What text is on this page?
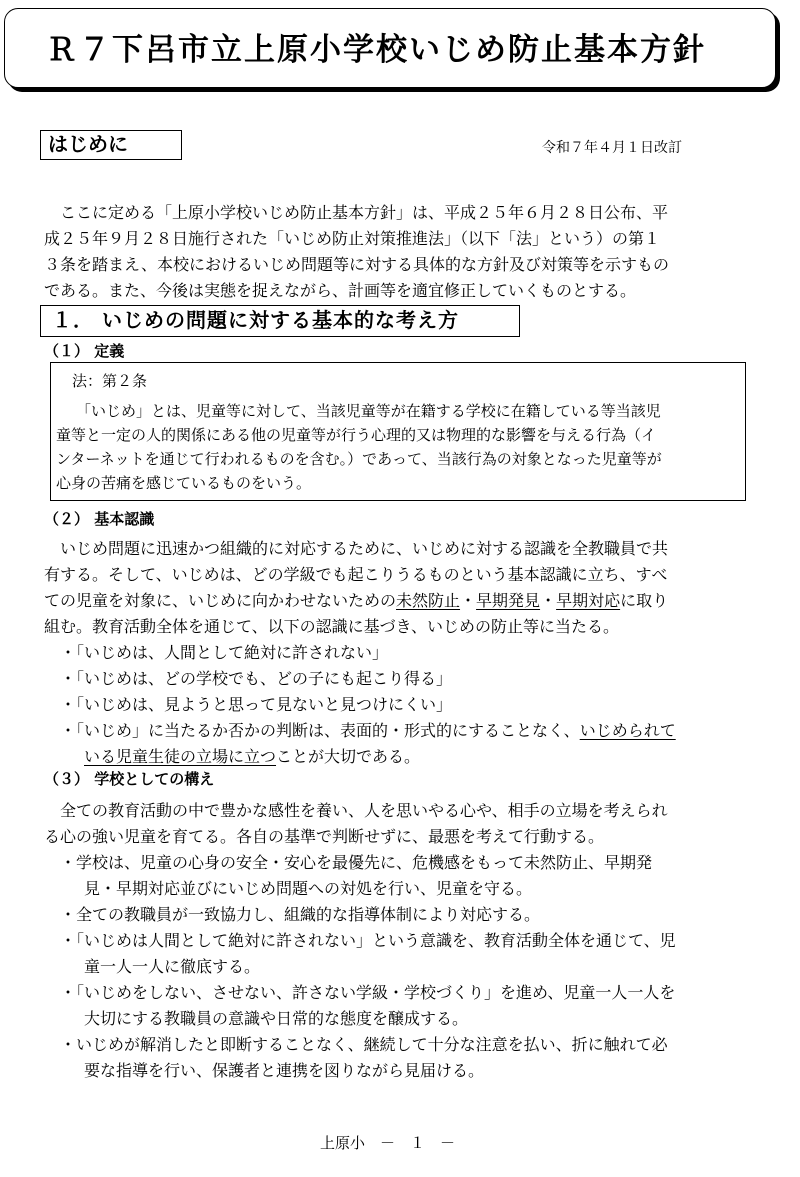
Ｒ７下呂市立上原小学校いじめ防止基本方針
はじめに	令和７年４月１日改訂
　ここに定める「上原小学校いじめ防止基本方針」は、平成２５年６月２８日公布、平
成２５年９月２８日施行された「いじめ防止対策推進法」（以下「法」という）の第１
３条を踏まえ、本校におけるいじめ問題等に対する具体的な方針及び対策等を示すもの
である。また、今後は実態を捉えながら、計画等を適宜修正していくものとする。
１． いじめの問題に対する基本的な考え方
（１） 定義
法：第２条
「いじめ」とは、児童等に対して、当該児童等が在籍する学校に在籍している等当該児
童等と一定の人的関係にある他の児童等が行う心理的又は物理的な影響を与える行為（イ
ンターネットを通じて行われるものを含む。）であって、当該行為の対象となった児童等が
心身の苦痛を感じているものをいう。
（２） 基本認識
　いじめ問題に迅速かつ組織的に対応するために、いじめに対する認識を全教職員で共
有する。そして、いじめは、どの学級でも起こりうるものという基本認識に立ち、すべ
ての児童を対象に、いじめに向かわせないための未然防止・早期発見・早期対応に取り
組む。教育活動全体を通じて、以下の認識に基づき、いじめの防止等に当たる。
・「いじめは、人間として絶対に許されない」
・「いじめは、どの学校でも、どの子にも起こり得る」
・「いじめは、見ようと思って見ないと見つけにくい」
・「いじめ」に当たるか否かの判断は、表面的・形式的にすることなく、いじめられて
いる児童生徒の立場に立つことが大切である。
（３） 学校としての構え
　全ての教育活動の中で豊かな感性を養い、人を思いやる心や、相手の立場を考えられ
る心の強い児童を育てる。各自の基準で判断せずに、最悪を考えて行動する。
・学校は、児童の心身の安全・安心を最優先に、危機感をもって未然防止、早期発
見・早期対応並びにいじめ問題への対処を行い、児童を守る。
・全ての教職員が一致協力し、組織的な指導体制により対応する。
・「いじめは人間として絶対に許されない」という意識を、教育活動全体を通じて、児
童一人一人に徹底する。
・「いじめをしない、させない、許さない学級・学校づくり」を進め、児童一人一人を
大切にする教職員の意識や日常的な態度を醸成する。
・いじめが解消したと即断することなく、継続して十分な注意を払い、折に触れて必
要な指導を行い、保護者と連携を図りながら見届ける。
上原小　－　１　－
